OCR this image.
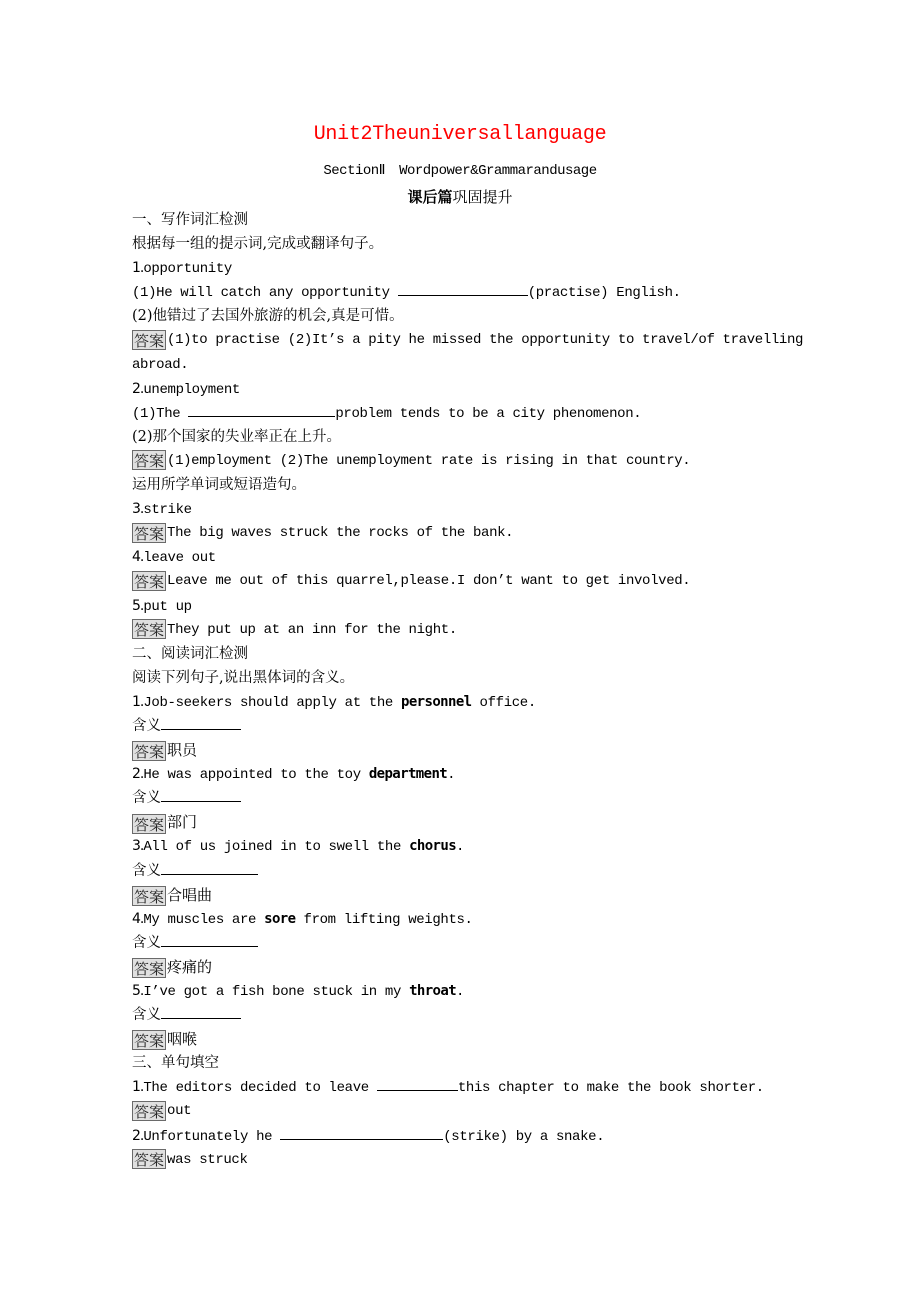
Unit2Theuniversallanguage
SectionⅡ Wordpower&Grammarandusage
课后篇巩固提升
一、写作词汇检测
根据每一组的提示词,完成或翻译句子。
1.opportunity
(1)He will catch any opportunity	(practise) English.
(2)他错过了去国外旅游的机会,真是可惜。
答案 (1)to practise (2)It’s a pity he missed the opportunity to travel/of travelling
abroad.
2.unemployment
(1)The	problem tends to be a city phenomenon.
(2)那个国家的失业率正在上升。
答案 (1)employment (2)The unemployment rate is rising in that country.
运用所学单词或短语造句。
3.strike
答案 The big waves struck the rocks of the bank.
4.leave out
答案 Leave me out of this quarrel,please.I don’t want to get involved.
5.put up
答案 They put up at an inn for the night.
二、阅读词汇检测
阅读下列句子,说出黑体词的含义。
1.Job-seekers should apply at the personnel office.
含义
答案 职员
2.He was appointed to the toy department.
含义
答案 部门
3.All of us joined in to swell the chorus.
含义
答案 合唱曲
4.My muscles are sore from lifting weights.
含义
答案 疼痛的
5.I’ve got a fish bone stuck in my throat.
含义
答案 咽喉
三、单句填空
1.The editors decided to leave	this chapter to make the book shorter.
答案 out
2.Unfortunately he	(strike) by a snake.
答案 was struck
